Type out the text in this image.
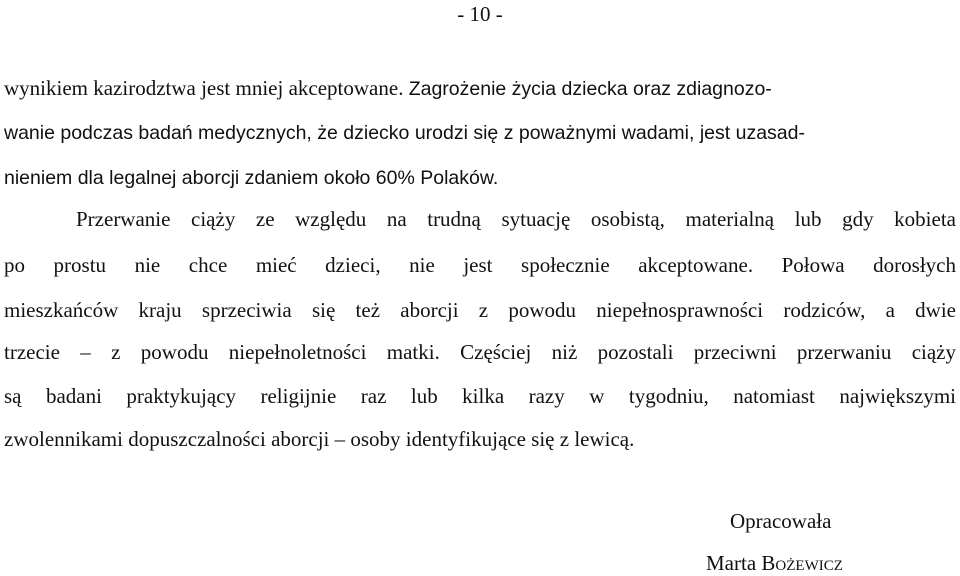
- 10 -
wynikiem kazirodztwa jest mniej akceptowane. Zagrożenie życia dziecka oraz zdiagnozo-
wanie podczas badań medycznych, że dziecko urodzi się z poważnymi wadami, jest uzasad-
nieniem dla legalnej aborcji zdaniem około 60% Polaków.
Przerwanie ciąży ze względu na trudną sytuację osobistą, materialną lub gdy kobieta
po prostu nie chce mieć dzieci, nie jest społecznie akceptowane. Połowa dorosłych
mieszkańców kraju sprzeciwia się też aborcji z powodu niepełnosprawności rodziców, a dwie
trzecie – z powodu niepełnoletności matki. Częściej niż pozostali przeciwni przerwaniu ciąży
są badani praktykujący religijnie raz lub kilka razy w tygodniu, natomiast największymi
zwolennikami dopuszczalności aborcji – osoby identyfikujące się z lewicą.
Opracowała
Marta Bożewicz
